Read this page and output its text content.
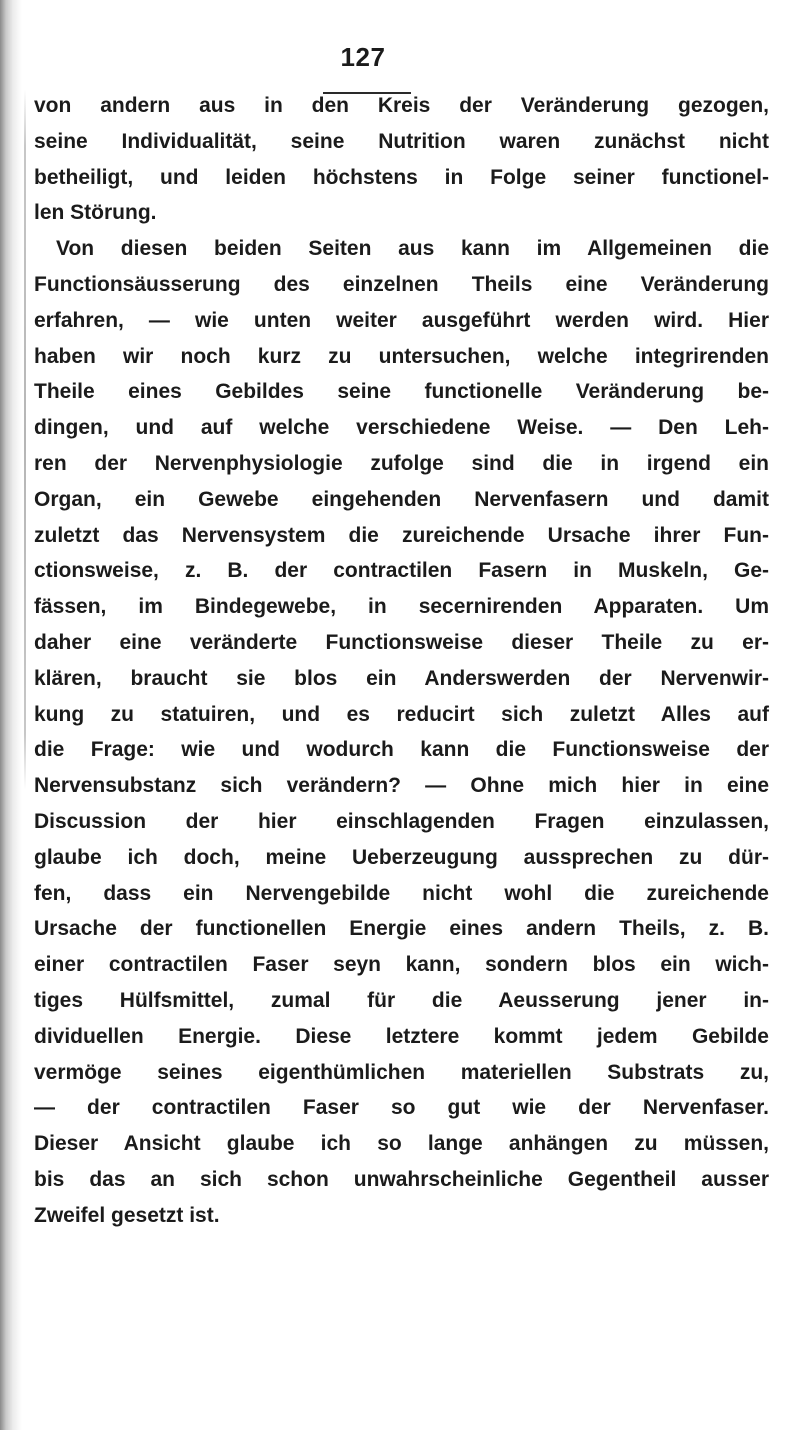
127
von andern aus in den Kreis der Veränderung gezogen,
seine Individualität, seine Nutrition waren zunächst nicht
betheiligt, und leiden höchstens in Folge seiner functionel-
len Störung.
Von diesen beiden Seiten aus kann im Allgemeinen die
Functionsäusserung des einzelnen Theils eine Veränderung
erfahren, — wie unten weiter ausgeführt werden wird. Hier
haben wir noch kurz zu untersuchen, welche integrirenden
Theile eines Gebildes seine functionelle Veränderung be-
dingen, und auf welche verschiedene Weise. — Den Leh-
ren der Nervenphysiologie zufolge sind die in irgend ein
Organ, ein Gewebe eingehenden Nervenfasern und damit
zuletzt das Nervensystem die zureichende Ursache ihrer Fun-
ctionsweise, z. B. der contractilen Fasern in Muskeln, Ge-
fässen, im Bindegewebe, in secernirenden Apparaten. Um
daher eine veränderte Functionsweise dieser Theile zu er-
klären, braucht sie blos ein Anderswerden der Nervenwir-
kung zu statuiren, und es reducirt sich zuletzt Alles auf
die Frage: wie und wodurch kann die Functionsweise der
Nervensubstanz sich verändern? — Ohne mich hier in eine
Discussion der hier einschlagenden Fragen einzulassen,
glaube ich doch, meine Ueberzeugung aussprechen zu dür-
fen, dass ein Nervengebilde nicht wohl die zureichende
Ursache der functionellen Energie eines andern Theils, z. B.
einer contractilen Faser seyn kann, sondern blos ein wich-
tiges Hülfsmittel, zumal für die Aeusserung jener in-
dividuellen Energie. Diese letztere kommt jedem Gebilde
vermöge seines eigenthümlichen materiellen Substrats zu,
— der contractilen Faser so gut wie der Nervenfaser.
Dieser Ansicht glaube ich so lange anhängen zu müssen,
bis das an sich schon unwahrscheinliche Gegentheil ausser
Zweifel gesetzt ist.
